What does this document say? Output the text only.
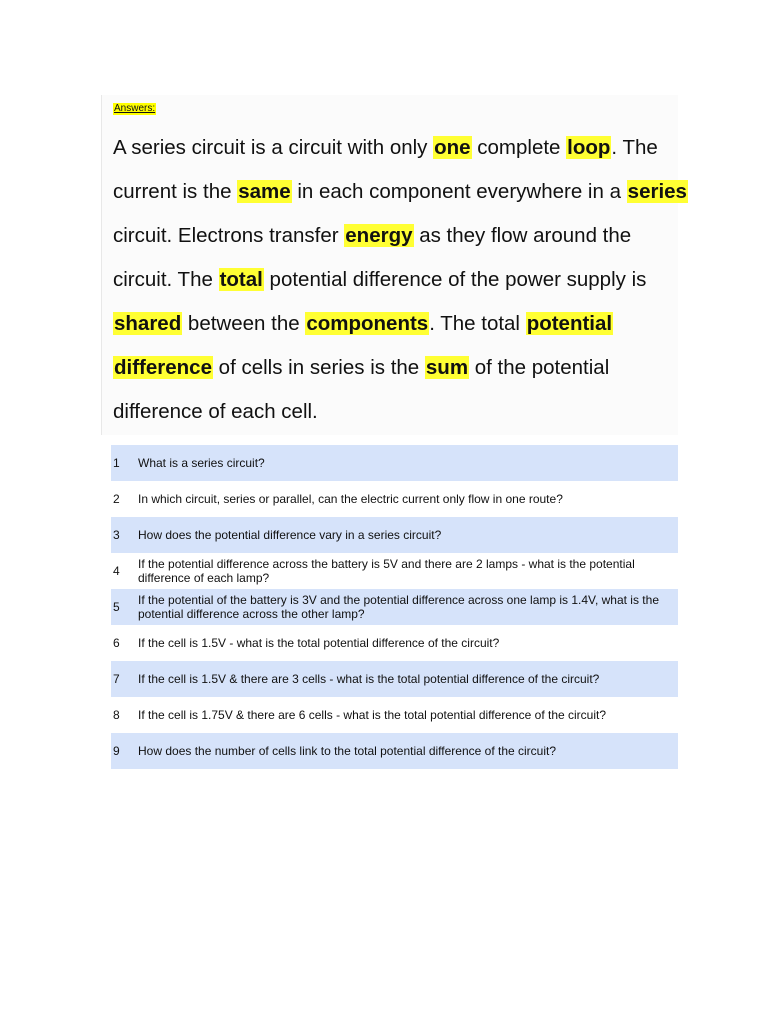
Answers:

A series circuit is a circuit with only one complete loop. The current is the same in each component everywhere in a series circuit. Electrons transfer energy as they flow around the circuit. The total potential difference of the power supply is shared between the components. The total potential difference of cells in series is the sum of the potential difference of each cell.

1	What is a series circuit?
2	In which circuit, series or parallel, can the electric current only flow in one route?
3	How does the potential difference vary in a series circuit?
4	If the potential difference across the battery is 5V and there are 2 lamps - what is the potential difference of each lamp?
5	If the potential of the battery is 3V and the potential difference across one lamp is 1.4V, what is the potential difference across the other lamp?
6	If the cell is 1.5V - what is the total potential difference of the circuit?
7	If the cell is 1.5V & there are 3 cells - what is the total potential difference of the circuit?
8	If the cell is 1.75V & there are 6 cells - what is the total potential difference of the circuit?
9	How does the number of cells link to the total potential difference of the circuit?
